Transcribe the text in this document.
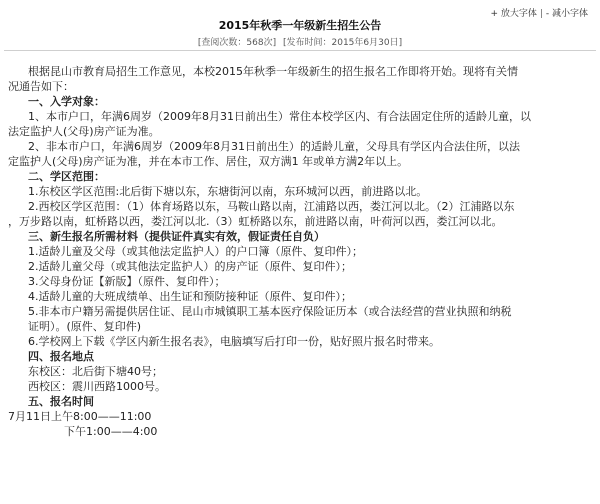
+ 放大字体 | - 减小字体
2015年秋季一年级新生招生公告
[查阅次数：568次] [发布时间：2015年6月30日]

根据昆山市教育局招生工作意见，本校2015年秋季一年级新生的招生报名工作即将开始。现将有关情

况通告如下：

一、入学对象：

1、本市户口，年满6周岁（2009年8月31日前出生）常住本校学区内、有合法固定住所的适龄儿童，以

法定监护人(父母)房产证为准。

2、非本市户口，年满6周岁（2009年8月31日前出生）的适龄儿童，父母具有学区内合法住所，以法

定监护人(父母)房产证为准，并在本市工作、居住，双方满1 年或单方满2年以上。

二、学区范围：

1.东校区学区范围:北后街下塘以东，东塘街河以南，东环城河以西，前进路以北。

2.西校区学区范围：（1）体育场路以东，马鞍山路以南，江浦路以西，娄江河以北。（2）江浦路以东

，万步路以南，虹桥路以西，娄江河以北.（3）虹桥路以东，前进路以南，叶荷河以西，娄江河以北。

三、新生报名所需材料（提供证件真实有效，假证责任自负）

1.适龄儿童及父母（或其他法定监护人）的户口簿（原件、复印件）；

2.适龄儿童父母（或其他法定监护人）的房产证（原件、复印件）；

3.父母身份证【新版】（原件、复印件）；

4.适龄儿童的大班成绩单、出生证和预防接种证（原件、复印件）；

5.非本市户籍另需提供居住证、昆山市城镇职工基本医疗保险证历本（或合法经营的营业执照和纳税

证明）。(原件、复印件)

6.学校网上下载《学区内新生报名表》，电脑填写后打印一份，贴好照片报名时带来。

四、报名地点

东校区：北后街下塘40号；

西校区：震川西路1000号。

五、报名时间

7月11日上午8:00——11:00

下午1:00——4:00
